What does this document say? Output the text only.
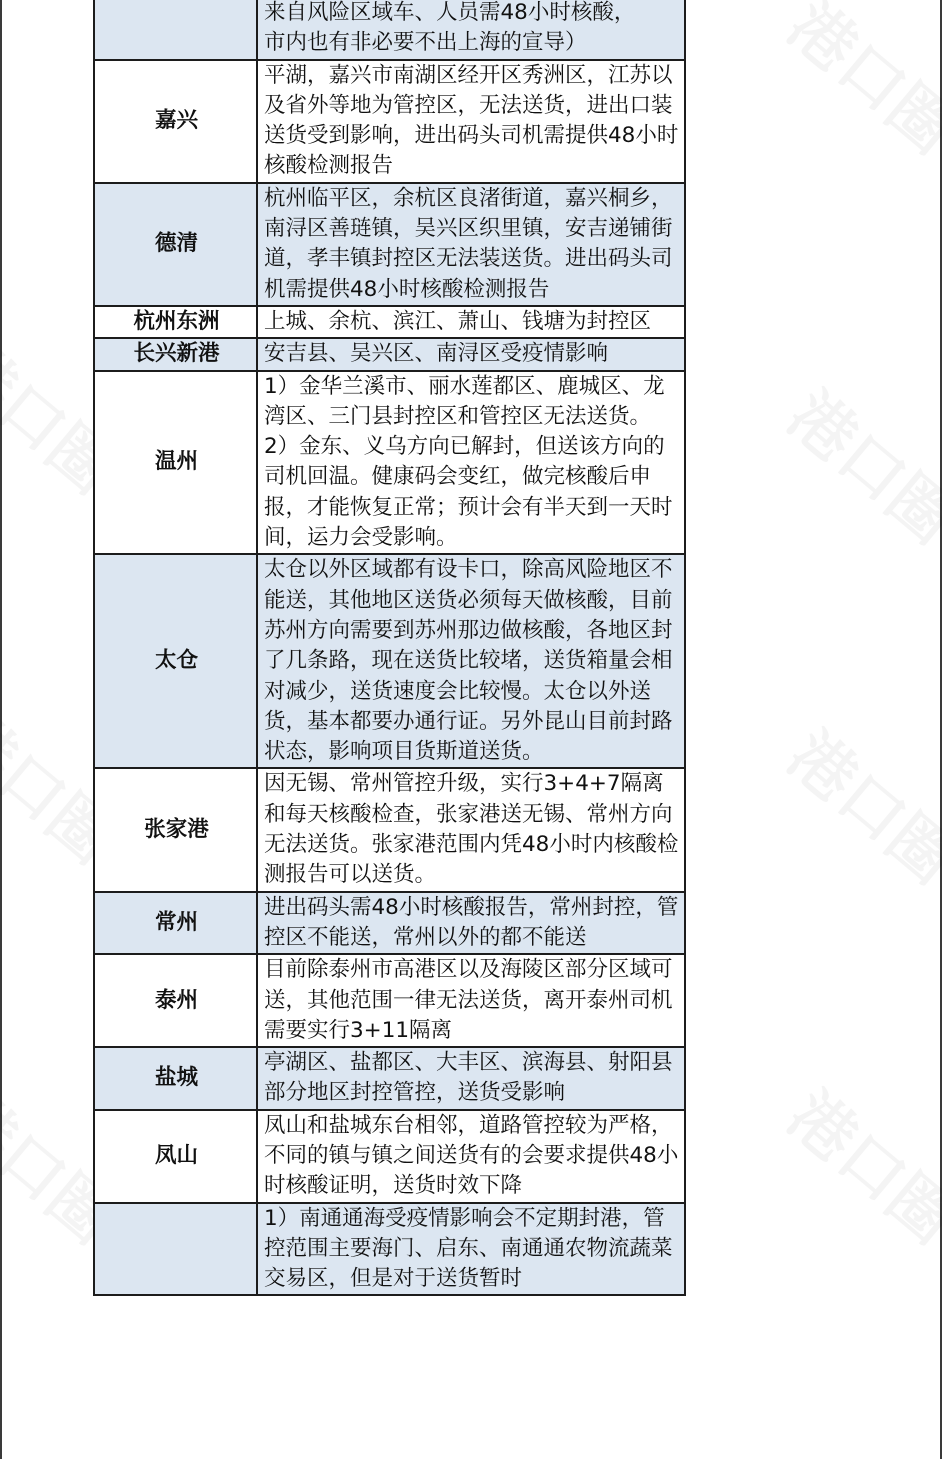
	来自风险区域车、人员需48小时核酸，
市内也有非必要不出上海的宣导）
嘉兴	平湖，嘉兴市南湖区经开区秀洲区，江苏以及省外等地为管控区，无法送货，进出口装送货受到影响，进出码头司机需提供48小时核酸检测报告
德清	杭州临平区，余杭区良渚街道，嘉兴桐乡，南浔区善琏镇，吴兴区织里镇，安吉递铺街道，孝丰镇封控区无法装送货。进出码头司机需提供48小时核酸检测报告
杭州东洲	上城、余杭、滨江、萧山、钱塘为封控区
长兴新港	安吉县、吴兴区、南浔区受疫情影响
温州	1）金华兰溪市、丽水莲都区、鹿城区、龙湾区、三门县封控区和管控区无法送货。
2）金东、义乌方向已解封，但送该方向的司机回温。健康码会变红，做完核酸后申报，才能恢复正常；预计会有半天到一天时间，运力会受影响。
太仓	太仓以外区域都有设卡口，除高风险地区不能送，其他地区送货必须每天做核酸，目前苏州方向需要到苏州那边做核酸，各地区封了几条路，现在送货比较堵，送货箱量会相对减少，送货速度会比较慢。太仓以外送货，基本都要办通行证。另外昆山目前封路状态，影响项目货斯道送货。
张家港	因无锡、常州管控升级，实行3+4+7隔离和每天核酸检查，张家港送无锡、常州方向无法送货。张家港范围内凭48小时内核酸检测报告可以送货。
常州	进出码头需48小时核酸报告，常州封控，管控区不能送，常州以外的都不能送
泰州	目前除泰州市高港区以及海陵区部分区域可送，其他范围一律无法送货，离开泰州司机需要实行3+11隔离
盐城	亭湖区、盐都区、大丰区、滨海县、射阳县部分地区封控管控，送货受影响
凤山	凤山和盐城东台相邻，道路管控较为严格，不同的镇与镇之间送货有的会要求提供48小时核酸证明，送货时效下降
	1）南通通海受疫情影响会不定期封港，管控范围主要海门、启东、南通通农物流蔬菜交易区，但是对于送货暂时
